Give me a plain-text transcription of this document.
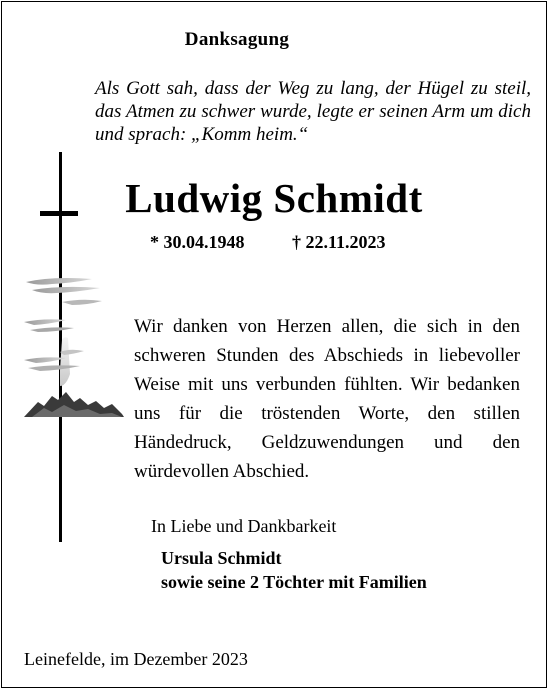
Danksagung
Als Gott sah, dass der Weg zu lang, der Hügel zu steil, das Atmen zu schwer wurde, legte er seinen Arm um dich und sprach: „Komm heim.“
Ludwig Schmidt
* 30.04.1948	† 22.11.2023
Wir danken von Herzen allen, die sich in den schweren Stunden des Abschieds in liebevoller Weise mit uns verbunden fühlten. Wir bedanken uns für die tröstenden Worte, den stillen Händedruck, Geldzuwendungen und den würdevollen Abschied.
In Liebe und Dankbarkeit
Ursula Schmidt
sowie seine 2 Töchter mit Familien
Leinefelde, im Dezember 2023
